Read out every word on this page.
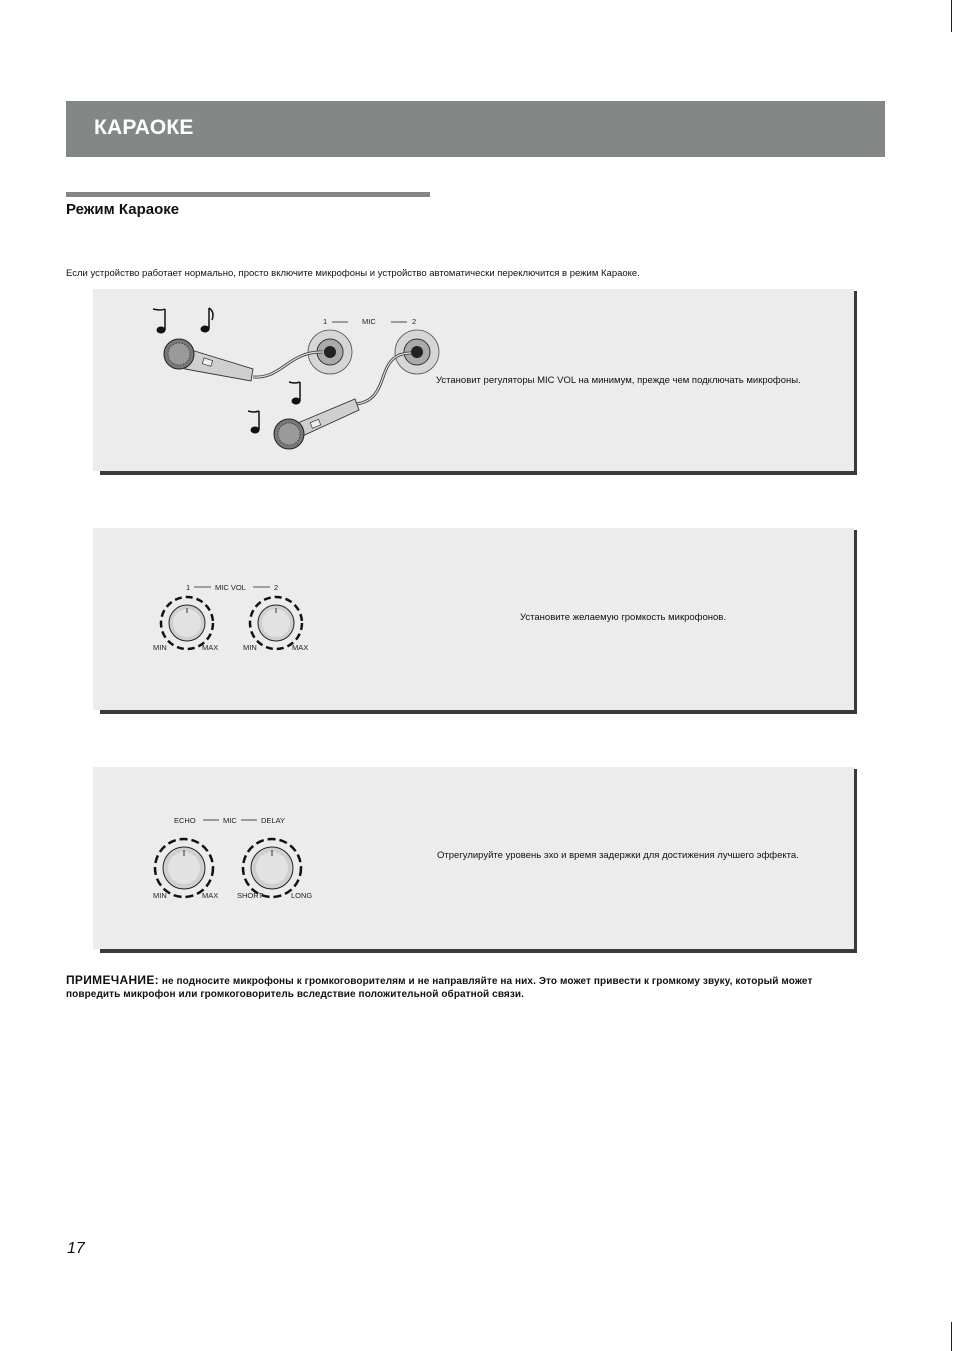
КАРАОКЕ
Режим Караоке
Если устройство работает нормально, просто включите микрофоны и устройство автоматически переключится в режим Караоке.
1	MIC	2
Установит регуляторы MIC VOL на минимум, прежде чем подключать микрофоны.
1	MIC VOL	2
MIN	MAX	MIN	MAX
Установите желаемую громкость микрофонов.
ECHO	MIC	DELAY
MIN	MAX SHORT	LONG
Отрегулируйте уровень эхо и время задержки для достижения лучшего эффекта.
ПРИМЕЧАНИЕ: не подносите микрофоны к громкоговорителям и не направляйте на них. Это может привести к громкому звуку, который может повредить микрофон или громкоговоритель вследствие положительной обратной связи.
17
